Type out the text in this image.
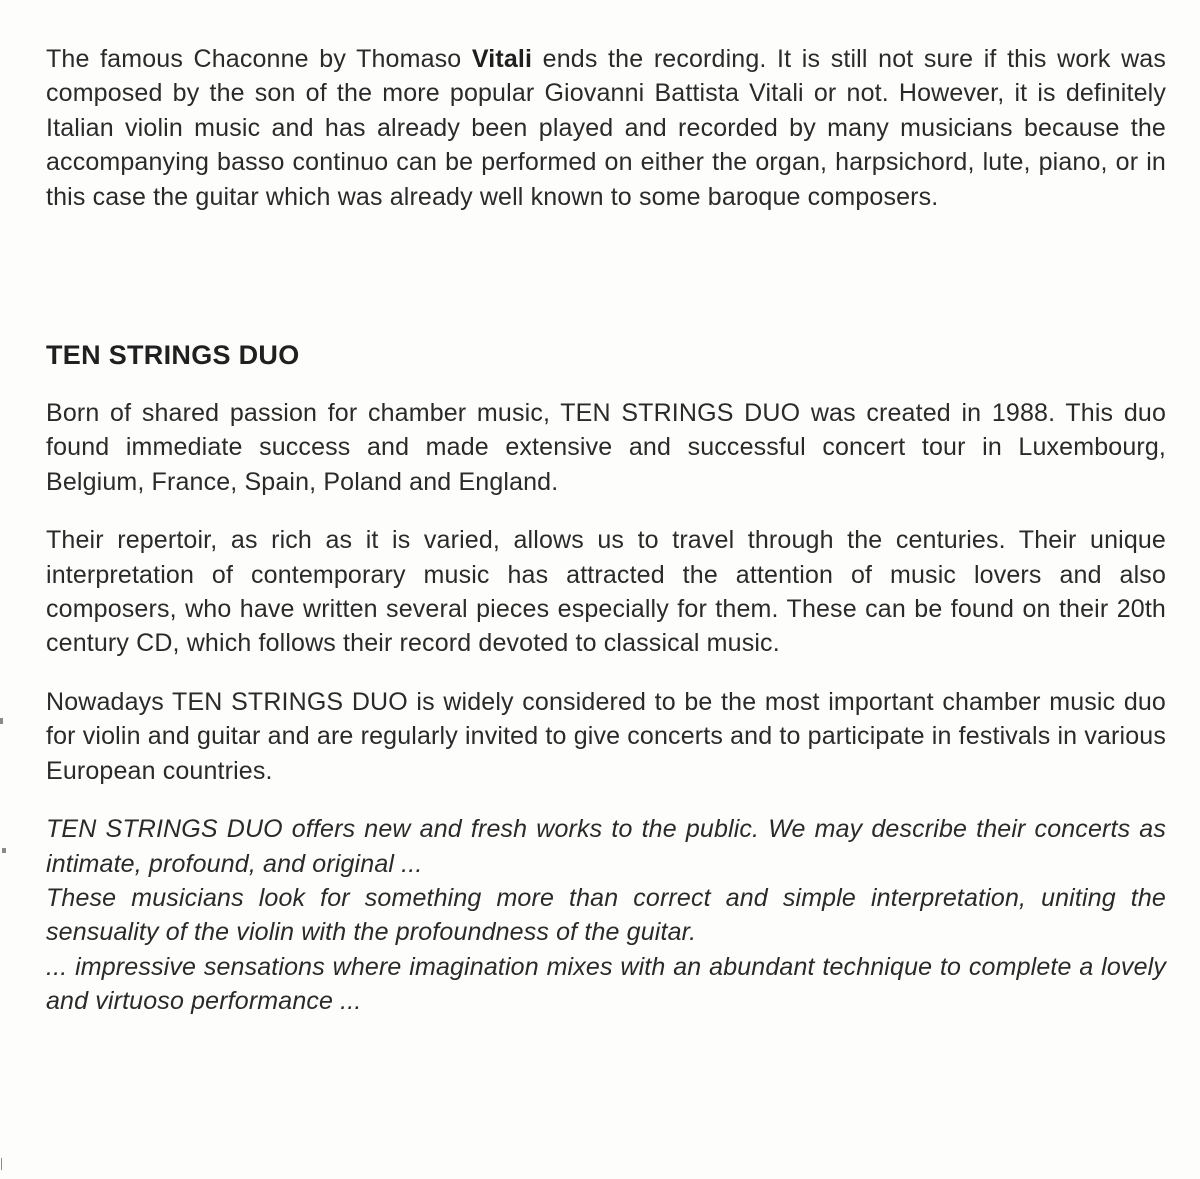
The famous Chaconne by Thomaso Vitali ends the recording. It is still not sure if this work was composed by the son of the more popular Giovanni Battista Vitali or not. However, it is definitely Italian violin music and has already been played and recorded by many musicians because the accompanying basso continuo can be performed on either the organ, harpsichord, lute, piano, or in this case the guitar which was already well known to some baroque composers.

TEN STRINGS DUO

Born of shared passion for chamber music, TEN STRINGS DUO was created in 1988. This duo found immediate success and made extensive and successful concert tour in Luxembourg, Belgium, France, Spain, Poland and England.

Their repertoir, as rich as it is varied, allows us to travel through the centuries. Their unique interpretation of contemporary music has attracted the attention of music lovers and also composers, who have written several pieces especially for them. These can be found on their 20th century CD, which follows their record devoted to classical music.

Nowadays TEN STRINGS DUO is widely considered to be the most important chamber music duo for violin and guitar and are regularly invited to give concerts and to participate in festivals in various European countries.

TEN STRINGS DUO offers new and fresh works to the public. We may describe their concerts as intimate, profound, and original ...

These musicians look for something more than correct and simple interpretation, uniting the sensuality of the violin with the profoundness of the guitar.

... impressive sensations where imagination mixes with an abundant technique to complete a lovely and virtuoso performance ...
